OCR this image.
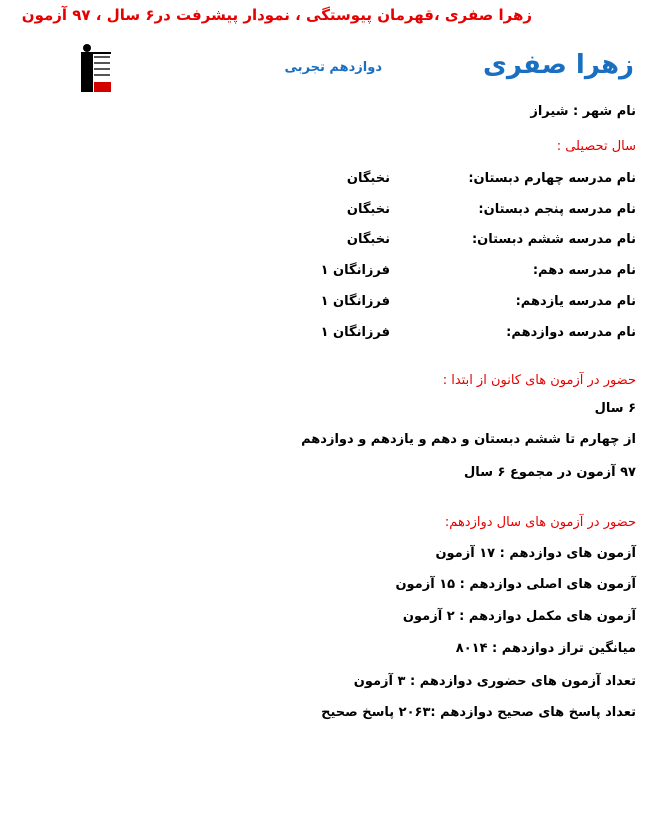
زهرا صفری ،قهرمان پیوستگی ، نمودار پیشرفت در۶ سال ، ۹۷ آزمون
زهرا صفری
دوازدهم تجربی
نام شهر : شیراز
سال تحصیلی :
نام مدرسه چهارم دبستان:
نخبگان
نام مدرسه پنجم دبستان:
نخبگان
نام مدرسه ششم دبستان:
نخبگان
نام مدرسه دهم:
فرزانگان ۱
نام مدرسه یازدهم:
فرزانگان ۱
نام مدرسه دوازدهم:
فرزانگان ۱
حضور در آزمون های کانون از ابتدا :
۶ سال
از چهارم تا ششم دبستان و دهم و یازدهم و دوازدهم
۹۷ آزمون در مجموع ۶ سال
حضور در آزمون های سال دوازدهم:
آزمون های دوازدهم : ۱۷ آزمون
آزمون های اصلی دوازدهم : ۱۵ آزمون
آزمون های مکمل دوازدهم : ۲ آزمون
میانگین تراز دوازدهم : ۸۰۱۴
تعداد آزمون های حضوری دوازدهم : ۳ آزمون
تعداد پاسخ های صحیح دوازدهم :۲۰۶۳ پاسخ صحیح
